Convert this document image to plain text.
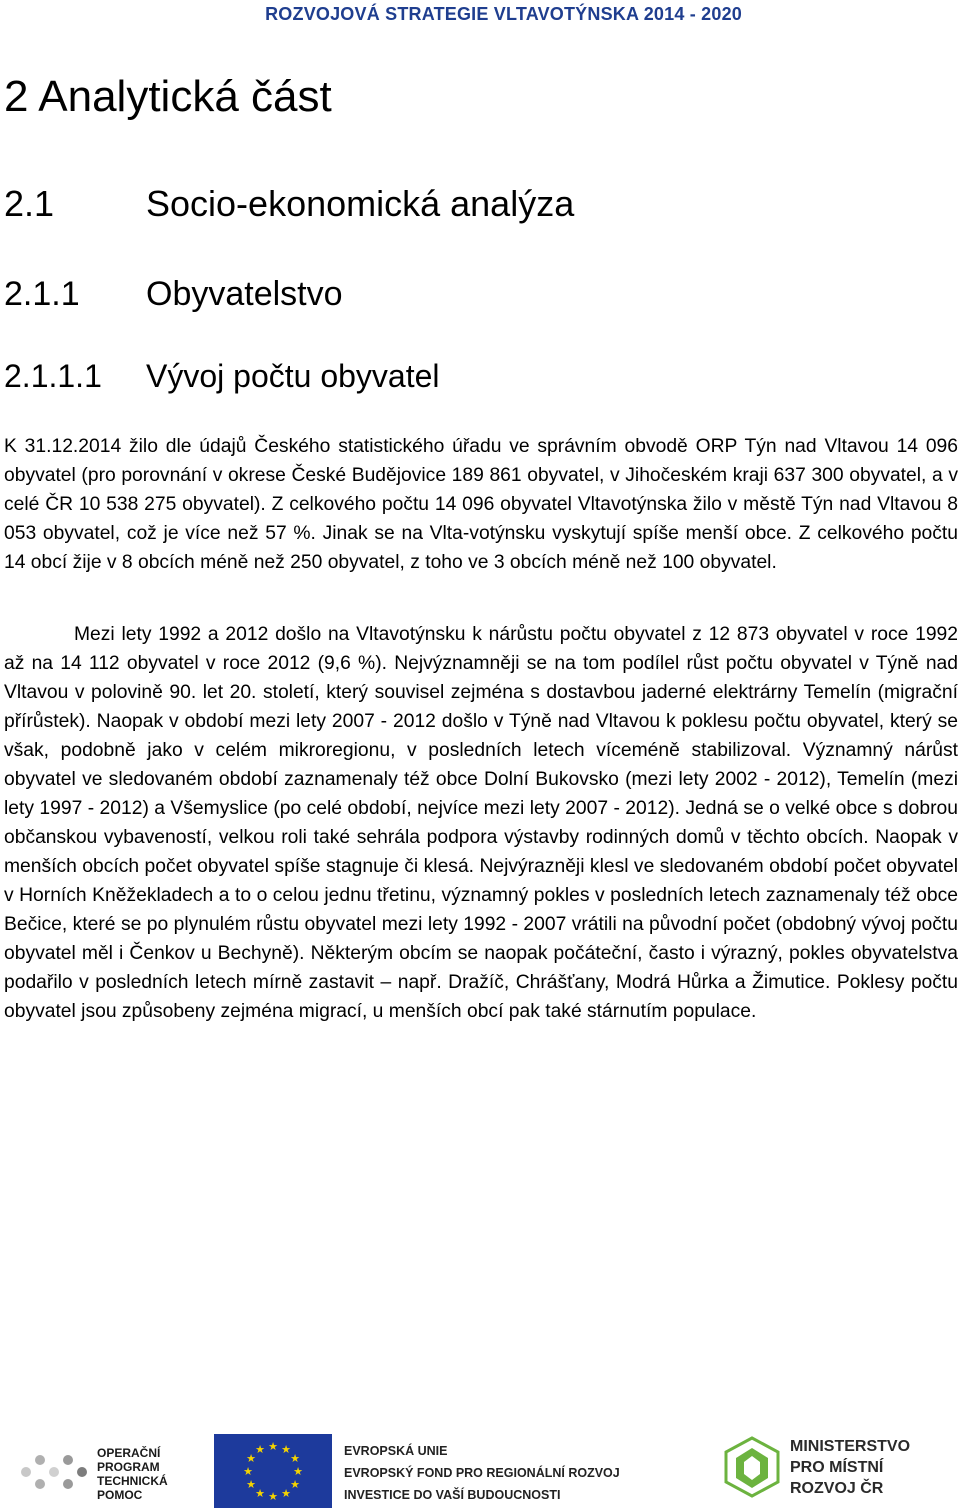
ROZVOJOVÁ STRATEGIE VLTAVOTÝNSKA 2014 - 2020
2 Analytická část
2.1	Socio-ekonomická analýza
2.1.1 Obyvatelstvo
2.1.1.1 Vývoj počtu obyvatel

K 31.12.2014 žilo dle údajů Českého statistického úřadu ve správním obvodě ORP Týn nad Vltavou 14 096 obyvatel (pro porovnání v okrese České Budějovice 189 861 obyvatel, v Jihočeském kraji 637 300 obyvatel, a v celé ČR 10 538 275 obyvatel). Z celkového počtu 14 096 obyvatel Vltavotýnska žilo v městě Týn nad Vltavou 8 053 obyvatel, což je více než 57 %. Jinak se na Vlta-votýnsku vyskytují spíše menší obce. Z celkového počtu 14 obcí žije v 8 obcích méně než 250 obyvatel, z toho ve 3 obcích méně než 100 obyvatel.

Mezi lety 1992 a 2012 došlo na Vltavotýnsku k nárůstu počtu obyvatel z 12 873 obyvatel v roce 1992 až na 14 112 obyvatel v roce 2012 (9,6 %). Nejvýznamněji se na tom podílel růst počtu obyvatel v Týně nad Vltavou v polovině 90. let 20. století, který souvisel zejména s dostavbou jaderné elektrárny Temelín (migrační přírůstek). Naopak v období mezi lety 2007 - 2012 došlo v Týně nad Vltavou k poklesu počtu obyvatel, který se však, podobně jako v celém mikroregionu, v posledních letech víceméně stabilizoval. Významný nárůst obyvatel ve sledovaném období zaznamenaly též obce Dolní Bukovsko (mezi lety 2002 - 2012), Temelín (mezi lety 1997 - 2012) a Všemyslice (po celé období, nejvíce mezi lety 2007 - 2012). Jedná se o velké obce s dobrou občanskou vybaveností, velkou roli také sehrála podpora výstavby rodinných domů v těchto obcích. Naopak v menších obcích počet obyvatel spíše stagnuje či klesá. Nejvýrazněji klesl ve sledovaném období počet obyvatel v Horních Kněžekladech a to o celou jednu třetinu, významný pokles v posledních letech zaznamenaly též obce Bečice, které se po plynulém růstu obyvatel mezi lety 1992 - 2007 vrátili na původní počet (obdobný vývoj počtu obyvatel měl i Čenkov u Bechyně). Některým obcím se naopak počáteční, často i výrazný, pokles obyvatelstva podařilo v posledních letech mírně zastavit – např. Dražíč, Chrášťany, Modrá Hůrka a Žimutice. Poklesy počtu obyvatel jsou způsobeny zejména migrací, u menších obcí pak také stárnutím populace.

OPERAČNÍ
PROGRAM
TECHNICKÁ
POMOC
★ ★
★
★
★
★
★
★
★
★
★
★	EVROPSKÁ UNIE
EVROPSKÝ FOND PRO REGIONÁLNÍ ROZVOJ
INVESTICE DO VAŠÍ BUDOUCNOSTI
MINISTERSTVO
PRO MÍSTNÍ
ROZVOJ ČR
